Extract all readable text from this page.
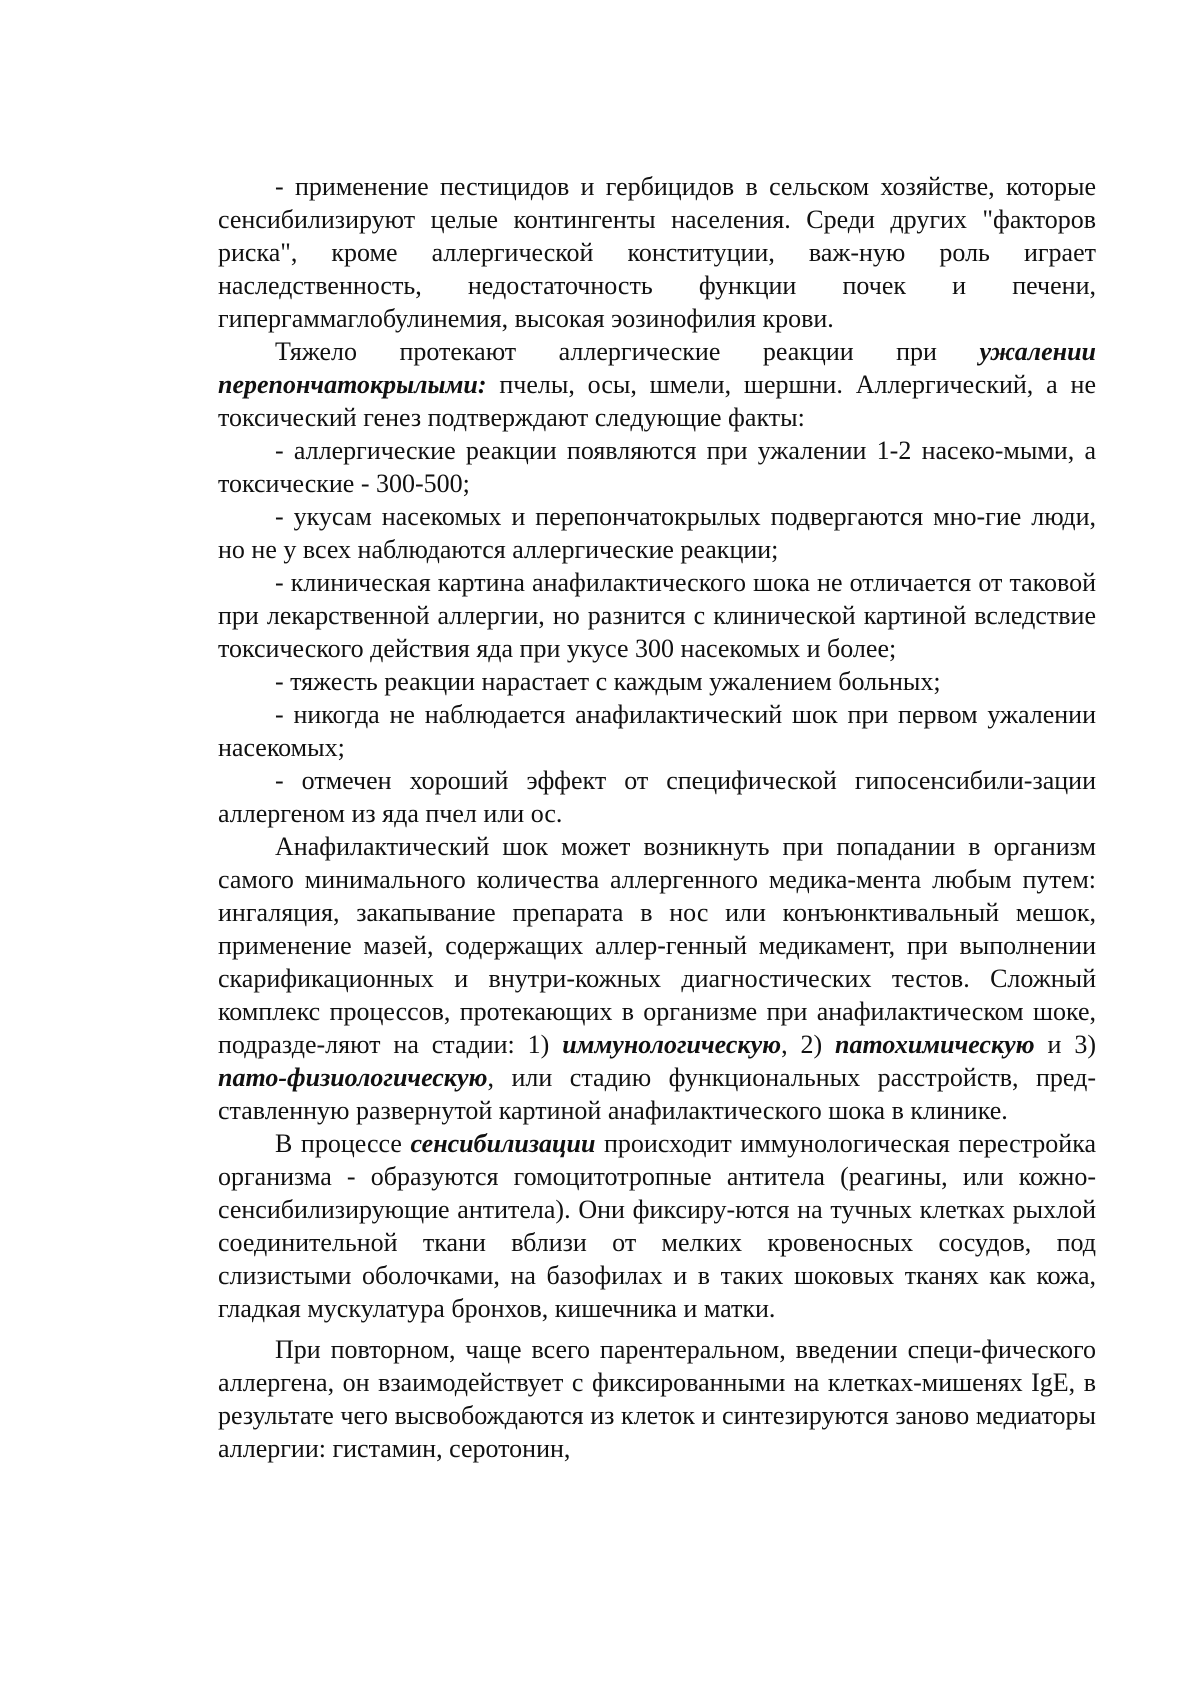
- применение пестицидов и гербицидов в сельском хозяйстве, которые сенсибилизируют целые контингенты населения. Среди других "факторов риска", кроме аллергической конституции, важ-ную роль играет наследственность, недостаточность функции почек и печени, гипергаммаглобулинемия, высокая эозинофилия крови.

Тяжело протекают аллергические реакции при ужалении перепончатокрылыми: пчелы, осы, шмели, шершни. Аллергический, а не токсический генез подтверждают следующие факты:

- аллергические реакции появляются при ужалении 1-2 насеко-мыми, а токсические - 300-500;

- укусам насекомых и перепончатокрылых подвергаются мно-гие люди, но не у всех наблюдаются аллергические реакции;

- клиническая картина анафилактического шока не отличается от таковой при лекарственной аллергии, но разнится с клинической картиной вследствие токсического действия яда при укусе 300 насекомых и более;

- тяжесть реакции нарастает с каждым ужалением больных;

- никогда не наблюдается анафилактический шок при первом ужалении насекомых;

- отмечен хороший эффект от специфической гипосенсибили-зации аллергеном из яда пчел или ос.

Анафилактический шок может возникнуть при попадании в организм самого минимального количества аллергенного медика-мента любым путем: ингаляция, закапывание препарата в нос или конъюнктивальный мешок, применение мазей, содержащих аллер-генный медикамент, при выполнении скарификационных и внутри-кожных диагностических тестов. Сложный комплекс процессов, протекающих в организме при анафилактическом шоке, подразде-ляют на стадии: 1) иммунологическую, 2) патохимическую и 3) пато-физиологическую, или стадию функциональных расстройств, пред-ставленную развернутой картиной анафилактического шока в клинике.

В процессе сенсибилизации происходит иммунологическая перестройка организма - образуются гомоцитотропные антитела (реагины, или кожно-сенсибилизирующие антитела). Они фиксиру-ются на тучных клетках рыхлой соединительной ткани вблизи от мелких кровеносных сосудов, под слизистыми оболочками, на базофилах и в таких шоковых тканях как кожа, гладкая мускулатура бронхов, кишечника и матки.

При повторном, чаще всего парентеральном, введении специ-фического аллергена, он взаимодействует с фиксированными на клетках-мишенях IgE, в результате чего высвобождаются из клеток и синтезируются заново медиаторы аллергии: гистамин, серотонин,
